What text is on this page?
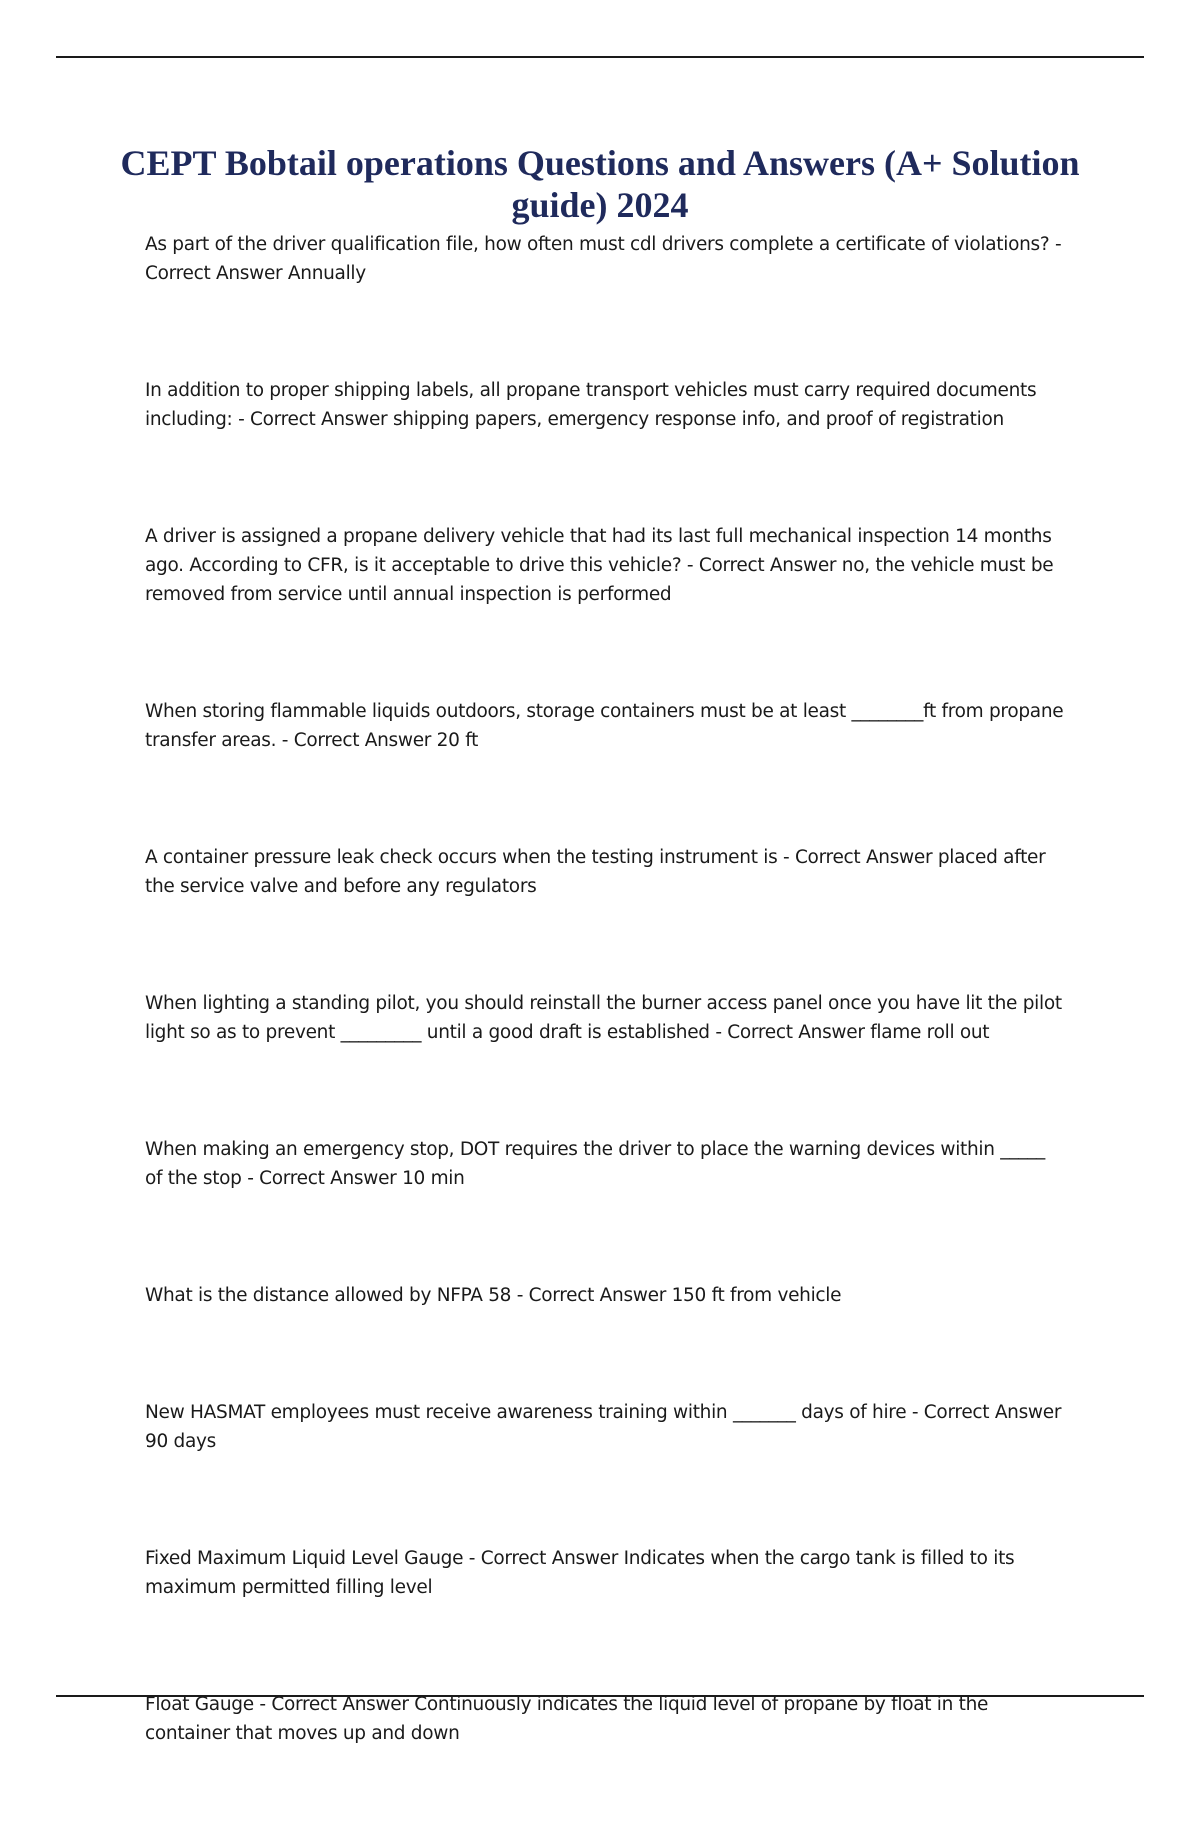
CEPT Bobtail operations Questions and Answers (A+ Solution guide) 2024
As part of the driver qualification file, how often must cdl drivers complete a certificate of violations? - Correct Answer Annually
In addition to proper shipping labels, all propane transport vehicles must carry required documents including: - Correct Answer shipping papers, emergency response info, and proof of registration
A driver is assigned a propane delivery vehicle that had its last full mechanical inspection 14 months ago. According to CFR, is it acceptable to drive this vehicle? - Correct Answer no, the vehicle must be removed from service until annual inspection is performed
When storing flammable liquids outdoors, storage containers must be at least ________ft from propane transfer areas. - Correct Answer 20 ft
A container pressure leak check occurs when the testing instrument is - Correct Answer placed after the service valve and before any regulators
When lighting a standing pilot, you should reinstall the burner access panel once you have lit the pilot light so as to prevent _________ until a good draft is established - Correct Answer flame roll out
When making an emergency stop, DOT requires the driver to place the warning devices within _____ of the stop - Correct Answer 10 min
What is the distance allowed by NFPA 58 - Correct Answer 150 ft from vehicle
New HASMAT employees must receive awareness training within _______ days of hire - Correct Answer 90 days
Fixed Maximum Liquid Level Gauge - Correct Answer Indicates when the cargo tank is filled to its maximum permitted filling level
Float Gauge - Correct Answer Continuously indicates the liquid level of propane by float in the container that moves up and down
